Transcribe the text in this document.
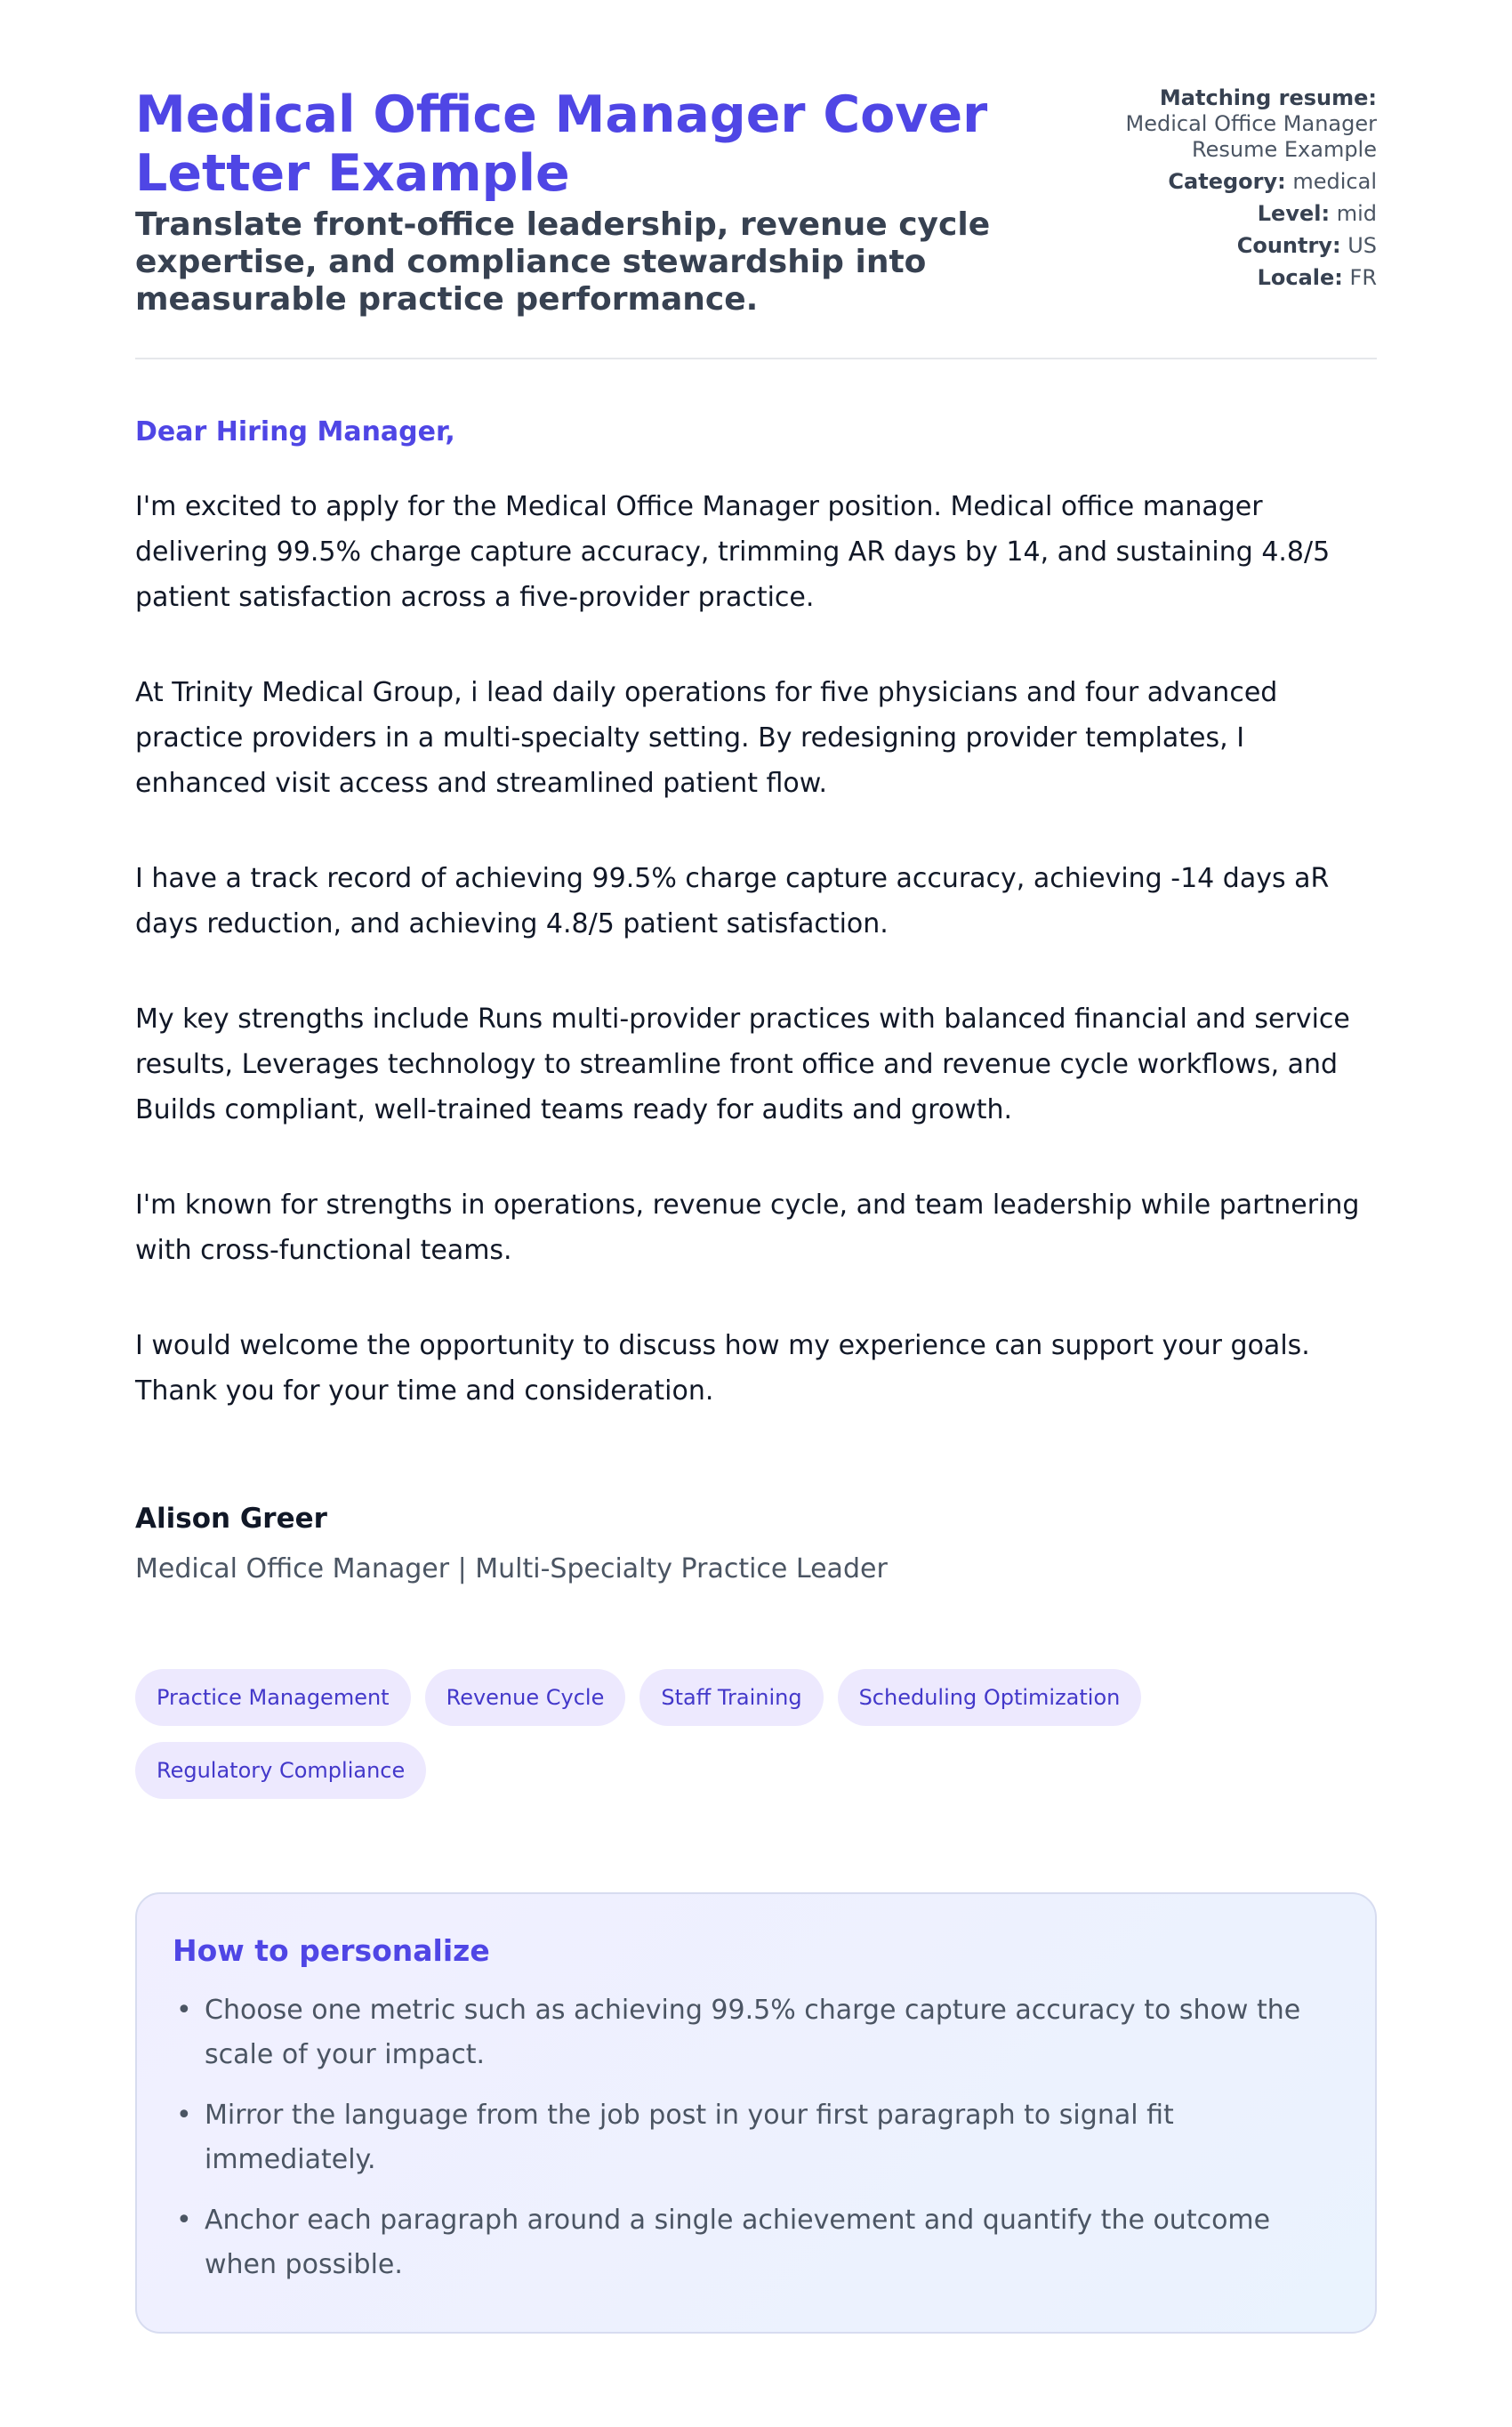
Medical Office Manager Cover Letter Example
Translate front-office leadership, revenue cycle expertise, and compliance stewardship into measurable practice performance.
Matching resume:
Medical Office Manager Resume Example
Category: medical
Level: mid
Country: US
Locale: FR

Dear Hiring Manager,

I'm excited to apply for the Medical Office Manager position. Medical office manager delivering 99.5% charge capture accuracy, trimming AR days by 14, and sustaining 4.8/5 patient satisfaction across a five-provider practice.

At Trinity Medical Group, i lead daily operations for five physicians and four advanced practice providers in a multi-specialty setting. By redesigning provider templates, I enhanced visit access and streamlined patient flow.

I have a track record of achieving 99.5% charge capture accuracy, achieving -14 days aR days reduction, and achieving 4.8/5 patient satisfaction.

My key strengths include Runs multi-provider practices with balanced financial and service results, Leverages technology to streamline front office and revenue cycle workflows, and Builds compliant, well-trained teams ready for audits and growth.

I'm known for strengths in operations, revenue cycle, and team leadership while partnering with cross-functional teams.

I would welcome the opportunity to discuss how my experience can support your goals. Thank you for your time and consideration.

Alison Greer

Medical Office Manager | Multi-Specialty Practice Leader

Practice Management	Revenue Cycle	Staff Training	Scheduling Optimization
Regulatory Compliance
How to personalize
• Choose one metric such as achieving 99.5% charge capture accuracy to show the scale of your impact.
• Mirror the language from the job post in your first paragraph to signal fit immediately.
• Anchor each paragraph around a single achievement and quantify the outcome when possible.
